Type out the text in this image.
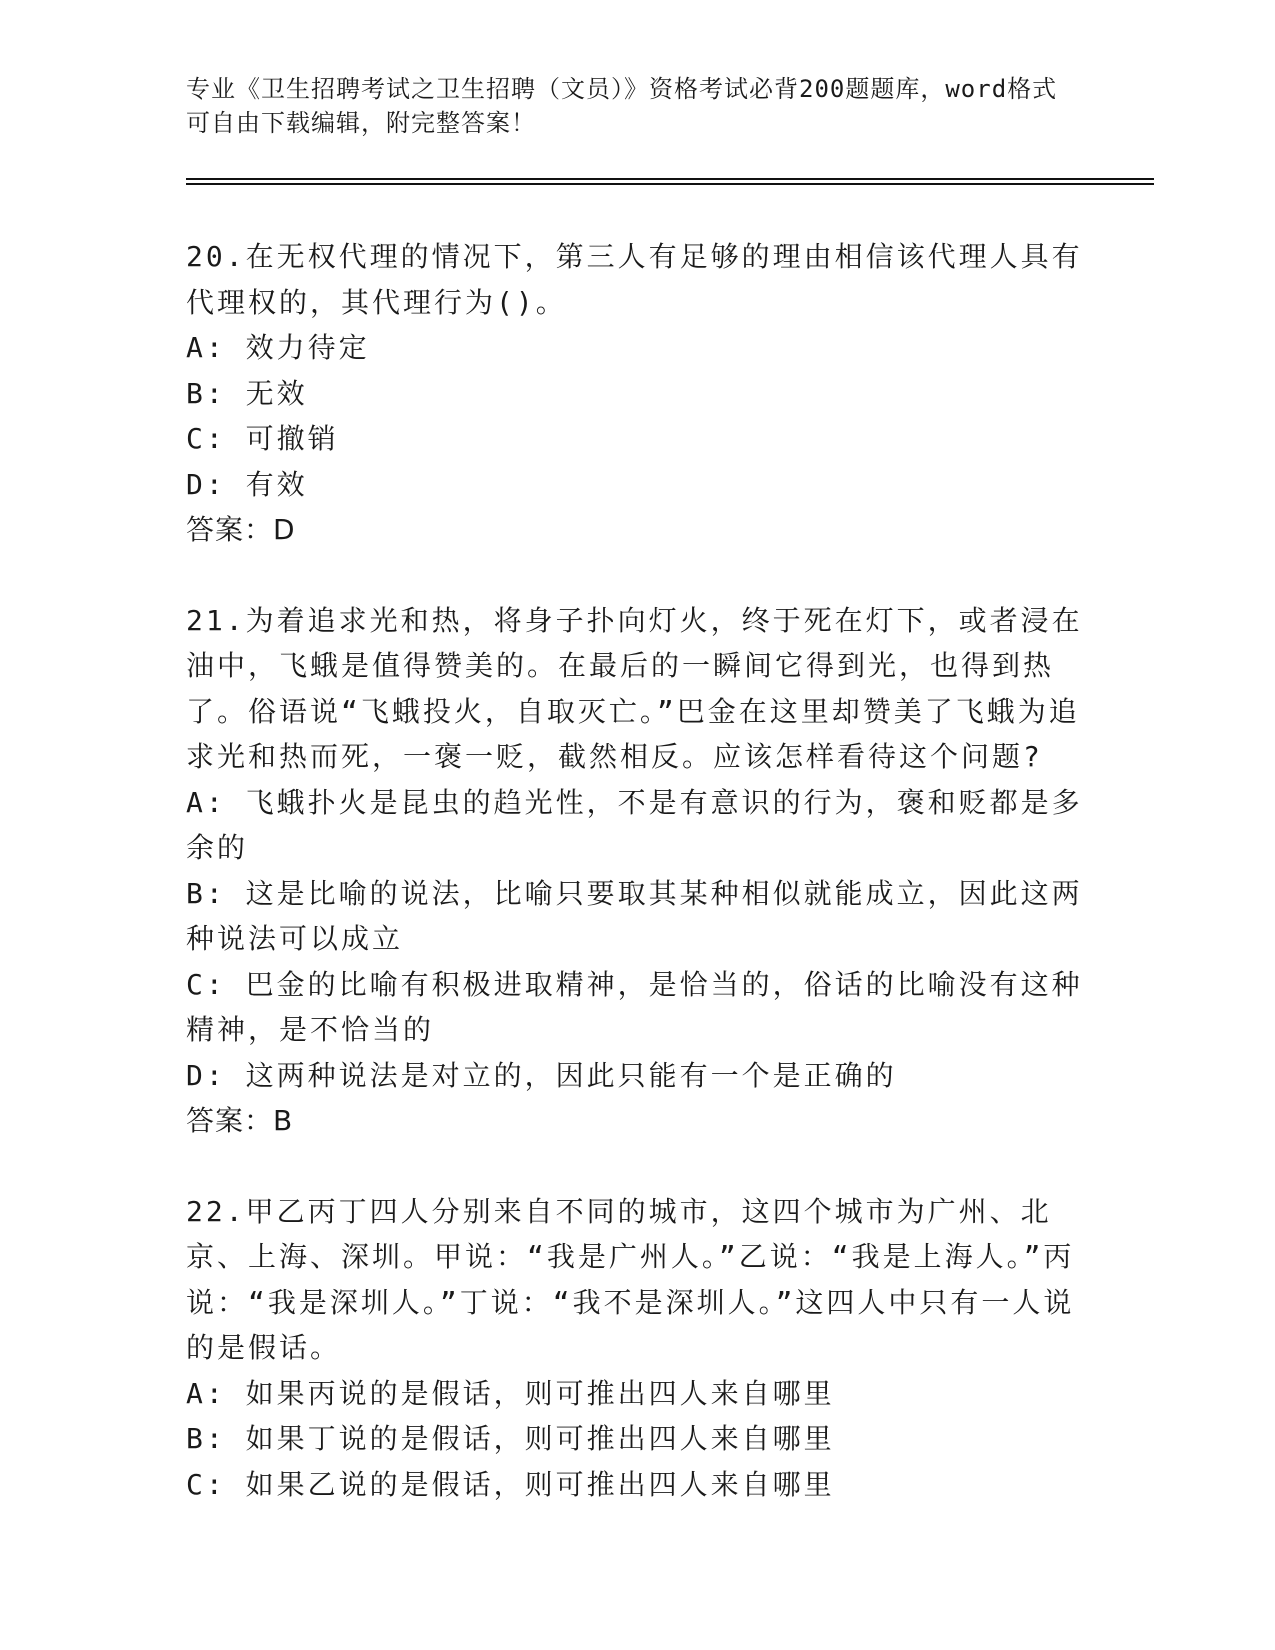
专业《卫生招聘考试之卫生招聘（文员）》资格考试必背200题题库，word格式可自由下载编辑，附完整答案！

20.在无权代理的情况下，第三人有足够的理由相信该代理人具有代理权的，其代理行为()。

A: 效力待定

B: 无效

C: 可撤销

D: 有效

答案：D

21.为着追求光和热，将身子扑向灯火，终于死在灯下，或者浸在油中，飞蛾是值得赞美的。在最后的一瞬间它得到光，也得到热了。俗语说“飞蛾投火，自取灭亡。”巴金在这里却赞美了飞蛾为追求光和热而死，一褒一贬，截然相反。应该怎样看待这个问题?

A: 飞蛾扑火是昆虫的趋光性，不是有意识的行为，褒和贬都是多余的

B: 这是比喻的说法，比喻只要取其某种相似就能成立，因此这两种说法可以成立

C: 巴金的比喻有积极进取精神，是恰当的，俗话的比喻没有这种精神，是不恰当的

D: 这两种说法是对立的，因此只能有一个是正确的

答案：B

22.甲乙丙丁四人分别来自不同的城市，这四个城市为广州、北京、上海、深圳。甲说：“我是广州人。”乙说：“我是上海人。”丙说：“我是深圳人。”丁说：“我不是深圳人。”这四人中只有一人说的是假话。

A: 如果丙说的是假话，则可推出四人来自哪里

B: 如果丁说的是假话，则可推出四人来自哪里

C: 如果乙说的是假话，则可推出四人来自哪里
